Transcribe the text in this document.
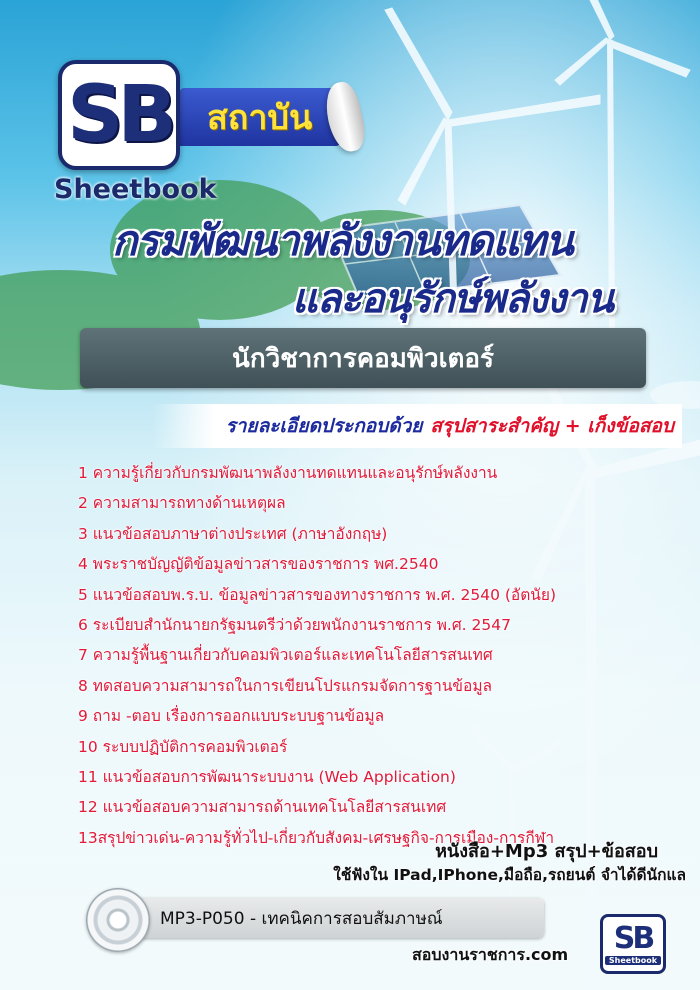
สถาบัน
SB
Sheetbook
กรมพัฒนาพลังงานทดแทน
และอนุรักษ์พลังงาน
นักวิชาการคอมพิวเตอร์
รายละเอียดประกอบด้วย สรุปสาระสำคัญ + เก็งข้อสอบ
1 ความรู้เกี่ยวกับกรมพัฒนาพลังงานทดแทนและอนุรักษ์พลังงาน
2 ความสามารถทางด้านเหตุผล
3 แนวข้อสอบภาษาต่างประเทศ (ภาษาอังกฤษ)
4 พระราชบัญญัติข้อมูลข่าวสารของราชการ พศ.2540
5 แนวข้อสอบพ.ร.บ. ข้อมูลข่าวสารของทางราชการ พ.ศ. 2540 (อัตนัย)
6 ระเบียบสำนักนายกรัฐมนตรีว่าด้วยพนักงานราชการ พ.ศ. 2547
7 ความรู้พื้นฐานเกี่ยวกับคอมพิวเตอร์และเทคโนโลยีสารสนเทศ
8 ทดสอบความสามารถในการเขียนโปรแกรมจัดการฐานข้อมูล
9 ถาม -ตอบ เรื่องการออกแบบระบบฐานข้อมูล
10 ระบบปฏิบัติการคอมพิวเตอร์
11 แนวข้อสอบการพัฒนาระบบงาน (Web Application)
12 แนวข้อสอบความสามารถด้านเทคโนโลยีสารสนเทศ
13สรุปข่าวเด่น-ความรู้ทั่วไป-เกี่ยวกับสังคม-เศรษฐกิจ-การเมือง-การกีฬา
หนังสือ+Mp3 สรุป+ข้อสอบ
ใช้ฟังใน IPad,IPhone,มือถือ,รถยนต์ จำได้ดีนักแล
MP3-P050 - เทคนิคการสอบสัมภาษณ์
สอบงานราชการ.com SB
Sheetbook
